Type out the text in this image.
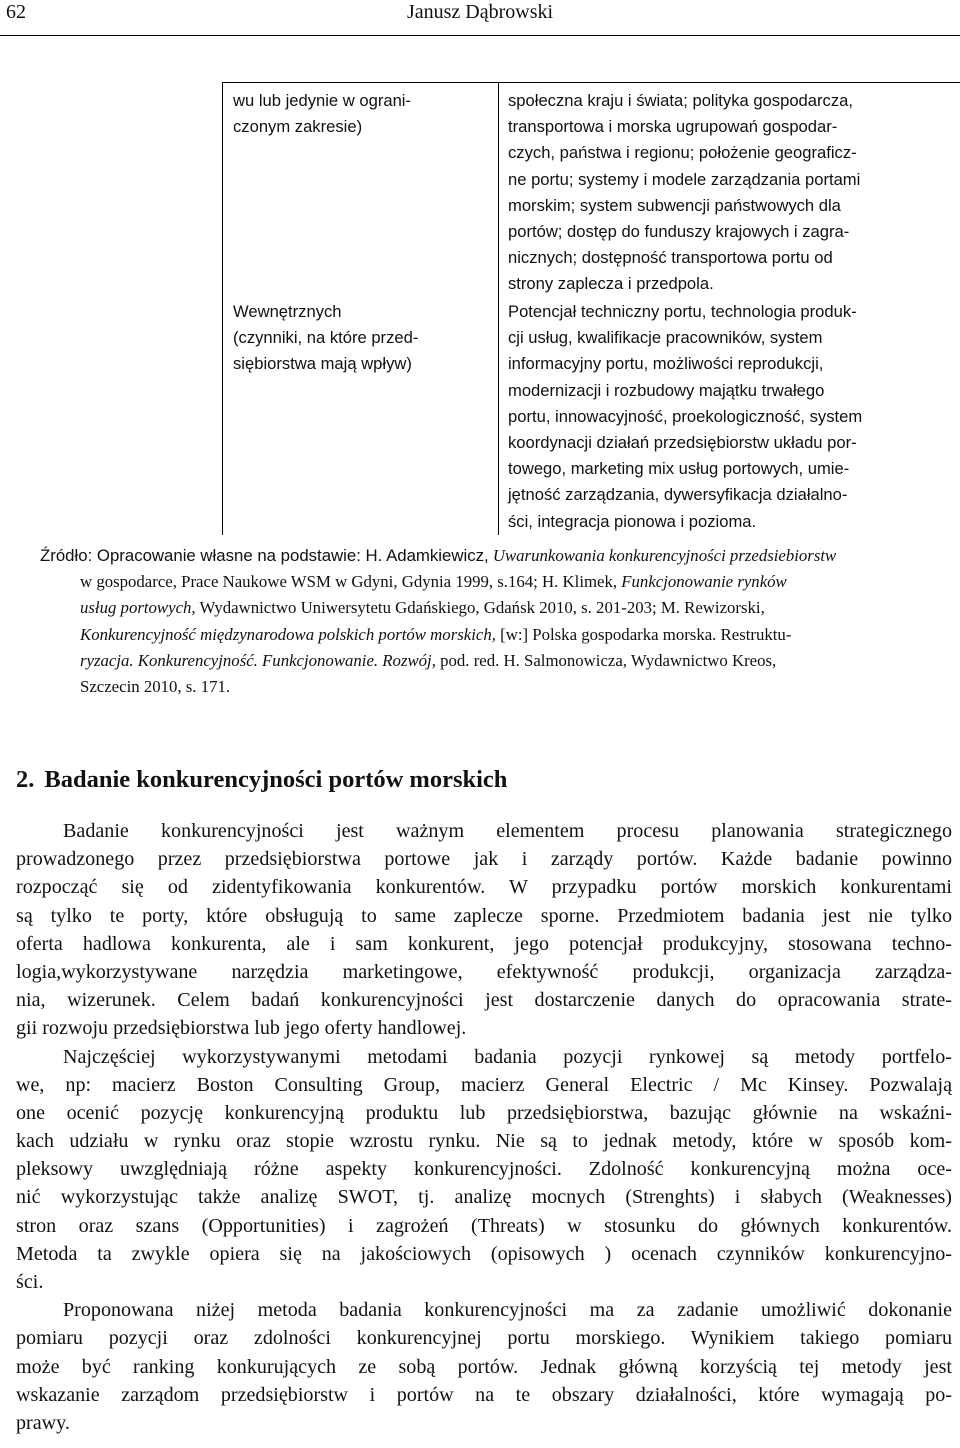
62	Janusz Dąbrowski
wu lub jedynie w ograni-
czonym zakresie)
społeczna kraju i świata; polityka gospodarcza,
transportowa i morska ugrupowań gospodar-
czych, państwa i regionu; położenie geograficz-
ne portu; systemy i modele zarządzania portami
morskim; system subwencji państwowych dla
portów; dostęp do funduszy krajowych i zagra-
nicznych; dostępność transportowa portu od
strony zaplecza i przedpola.
Wewnętrznych
(czynniki, na które przed-
siębiorstwa mają wpływ)
Potencjał techniczny portu, technologia produk-
cji usług, kwalifikacje pracowników, system
informacyjny portu, możliwości reprodukcji,
modernizacji i rozbudowy majątku trwałego
portu, innowacyjność, proekologiczność, system
koordynacji działań przedsiębiorstw układu por-
towego, marketing mix usług portowych, umie-
jętność zarządzania, dywersyfikacja działalno-
ści, integracja pionowa i pozioma.
Źródło: Opracowanie własne na podstawie: H. Adamkiewicz, Uwarunkowania konkurencyjności przedsiebiorstw
w gospodarce, Prace Naukowe WSM w Gdyni, Gdynia 1999, s.164; H. Klimek, Funkcjonowanie rynków
usług portowych, Wydawnictwo Uniwersytetu Gdańskiego, Gdańsk 2010, s. 201-203; M. Rewizorski,
Konkurencyjność międzynarodowa polskich portów morskich, [w:] Polska gospodarka morska. Restruktu-
ryzacja. Konkurencyjność. Funkcjonowanie. Rozwój, pod. red. H. Salmonowicza, Wydawnictwo Kreos,
Szczecin 2010, s. 171.
2. Badanie konkurencyjności portów morskich
Badanie konkurencyjności jest ważnym elementem procesu planowania strategicznego
prowadzonego przez przedsiębiorstwa portowe jak i zarządy portów. Każde badanie powinno
rozpocząć się od zidentyfikowania konkurentów. W przypadku portów morskich konkurentami
są tylko te porty, które obsługują to same zaplecze sporne. Przedmiotem badania jest nie tylko
oferta hadlowa konkurenta, ale i sam konkurent, jego potencjał produkcyjny, stosowana techno-
logia,wykorzystywane narzędzia marketingowe, efektywność produkcji, organizacja zarządza-
nia, wizerunek. Celem badań konkurencyjności jest dostarczenie danych do opracowania strate-
gii rozwoju przedsiębiorstwa lub jego oferty handlowej.
Najczęściej wykorzystywanymi metodami badania pozycji rynkowej są metody portfelo-
we, np: macierz Boston Consulting Group, macierz General Electric / Mc Kinsey. Pozwalają
one ocenić pozycję konkurencyjną produktu lub przedsiębiorstwa, bazując głównie na wskaźni-
kach udziału w rynku oraz stopie wzrostu rynku. Nie są to jednak metody, które w sposób kom-
pleksowy uwzględniają różne aspekty konkurencyjności. Zdolność konkurencyjną można oce-
nić wykorzystując także analizę SWOT, tj. analizę mocnych (Strenghts) i słabych (Weaknesses)
stron oraz szans (Opportunities) i zagrożeń (Threats) w stosunku do głównych konkurentów.
Metoda ta zwykle opiera się na jakościowych (opisowych ) ocenach czynników konkurencyjno-
ści.
Proponowana niżej metoda badania konkurencyjności ma za zadanie umożliwić dokonanie
pomiaru pozycji oraz zdolności konkurencyjnej portu morskiego. Wynikiem takiego pomiaru
może być ranking konkurujących ze sobą portów. Jednak główną korzyścią tej metody jest
wskazanie zarządom przedsiębiorstw i portów na te obszary działalności, które wymagają po-
prawy.
